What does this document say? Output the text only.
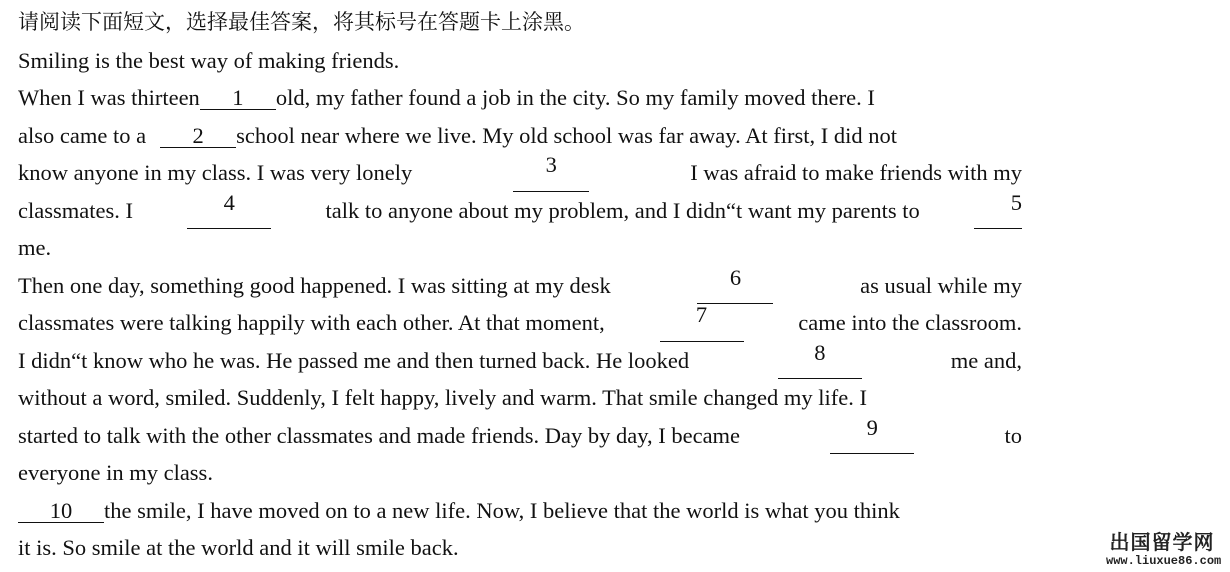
请阅读下面短文，选择最佳答案，将其标号在答题卡上涂黑。
Smiling is the best way of making friends.
When I was thirteen 1 old, my father found a job in the city. So my family moved there. I
also came to a 2 school near where we live. My old school was far away. At first, I did not
know anyone in my class. I was very lonely	3	I was afraid to make friends with my
classmates. I	4	talk to anyone about my problem, and I didn“t want my parents to	5
me.
Then one day, something good happened. I was sitting at my desk	6	as usual while my
classmates were talking happily with each other. At that moment,	7	came into the classroom.
I didn“t know who he was. He passed me and then turned back. He looked	8	me and,
without a word, smiled. Suddenly, I felt happy, lively and warm. That smile changed my life. I
started to talk with the other classmates and made friends. Day by day, I became	9	to
everyone in my class.
10 the smile, I have moved on to a new life. Now, I believe that the world is what you think
it is. So smile at the world and it will smile back.	出国留学网
www.liuxue86.com
